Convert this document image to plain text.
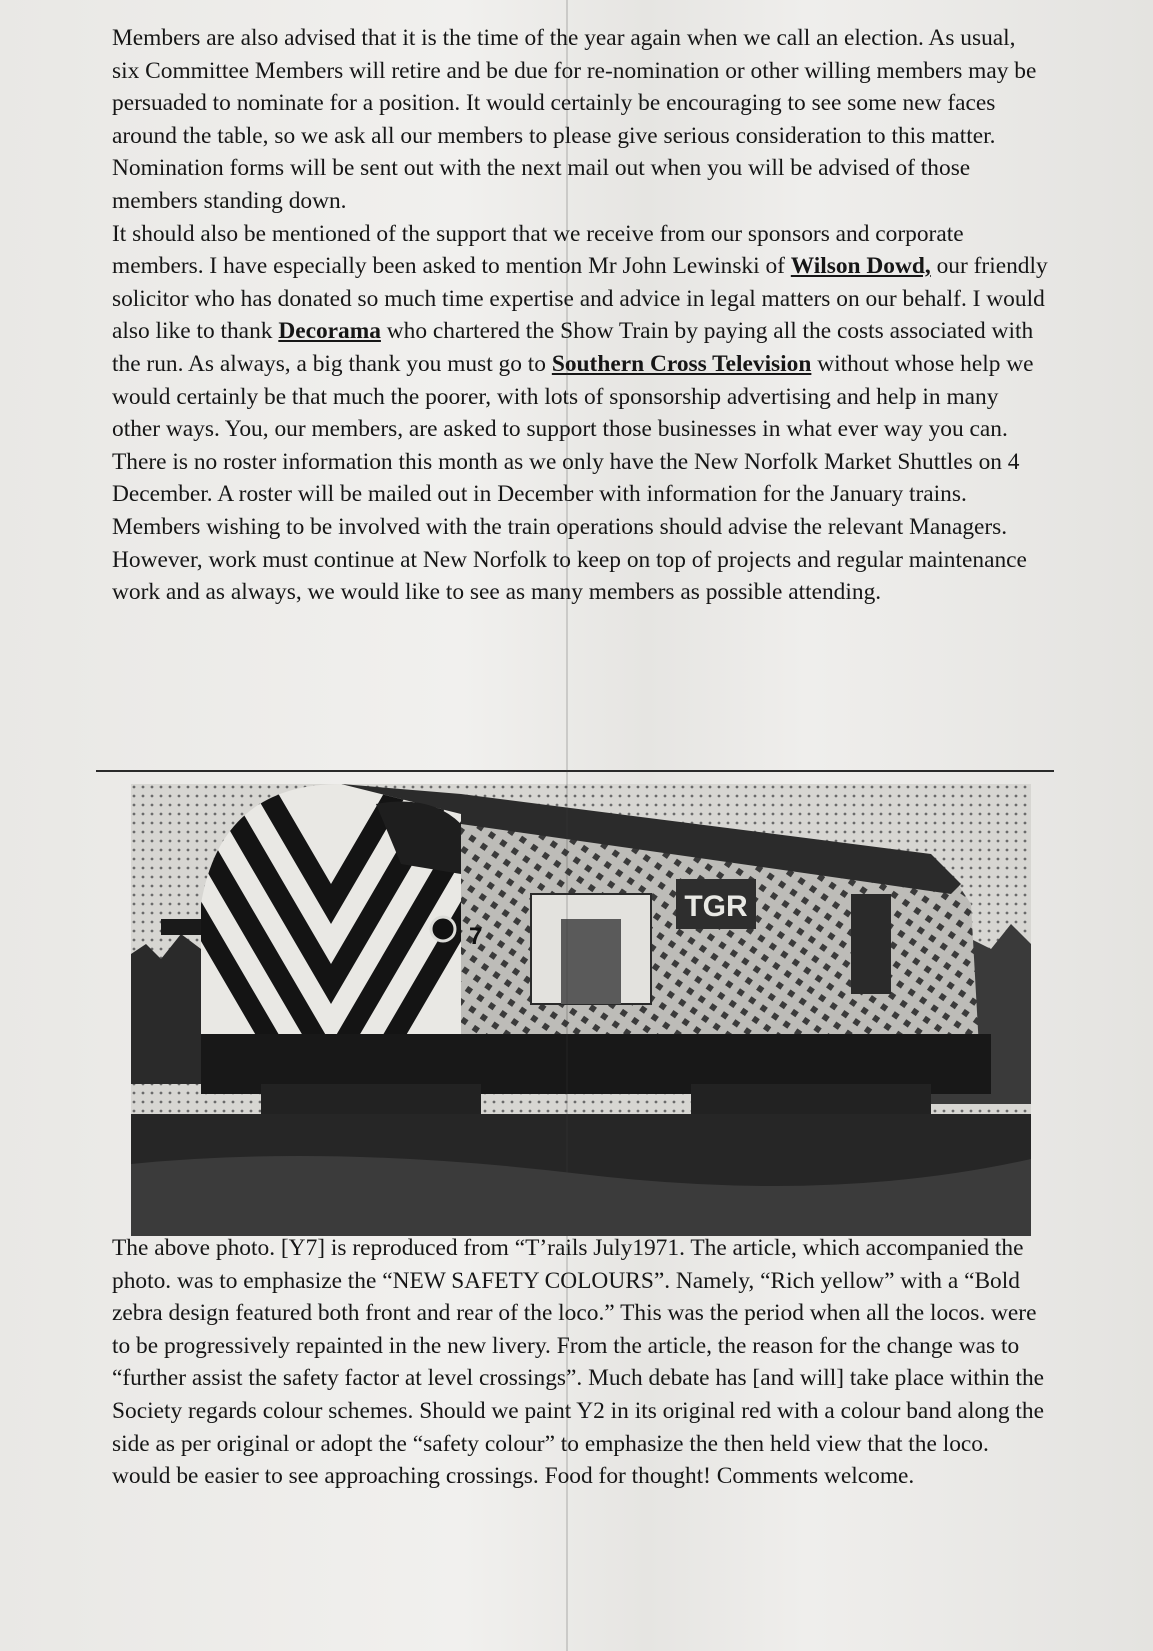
Members are also advised that it is the time of the year again when we call an election. As usual, six Committee Members will retire and be due for re-nomination or other willing members may be persuaded to nominate for a position. It would certainly be encouraging to see some new faces around the table, so we ask all our members to please give serious consideration to this matter. Nomination forms will be sent out with the next mail out when you will be advised of those members standing down.

It should also be mentioned of the support that we receive from our sponsors and corporate members. I have especially been asked to mention Mr John Lewinski of Wilson Dowd, our friendly solicitor who has donated so much time expertise and advice in legal matters on our behalf. I would also like to thank Decorama who chartered the Show Train by paying all the costs associated with the run. As always, a big thank you must go to Southern Cross Television without whose help we would certainly be that much the poorer, with lots of sponsorship advertising and help in many other ways. You, our members, are asked to support those businesses in what ever way you can.

There is no roster information this month as we only have the New Norfolk Market Shuttles on 4 December. A roster will be mailed out in December with information for the January trains. Members wishing to be involved with the train operations should advise the relevant Managers. However, work must continue at New Norfolk to keep on top of projects and regular maintenance work and as always, we would like to see as many members as possible attending.

TGR
7

The above photo. [Y7] is reproduced from “T’rails July1971. The article, which accompanied the photo. was to emphasize the “NEW SAFETY COLOURS”. Namely, “Rich yellow” with a “Bold zebra design featured both front and rear of the loco.” This was the period when all the locos. were to be progressively repainted in the new livery. From the article, the reason for the change was to “further assist the safety factor at level crossings”. Much debate has [and will] take place within the Society regards colour schemes. Should we paint Y2 in its original red with a colour band along the side as per original or adopt the “safety colour” to emphasize the then held view that the loco. would be easier to see approaching crossings. Food for thought! Comments welcome.
